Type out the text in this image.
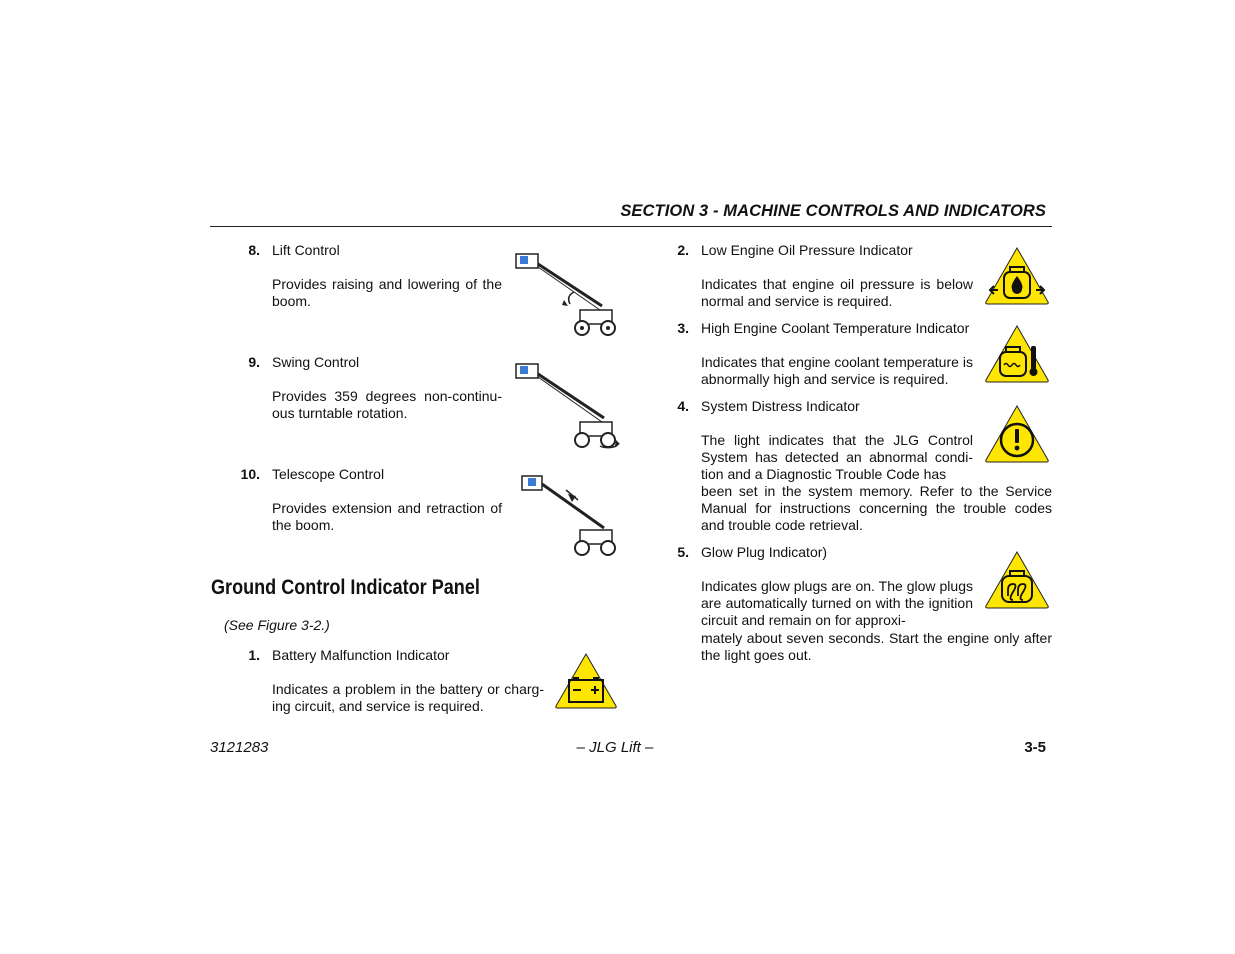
SECTION 3 - MACHINE CONTROLS AND INDICATORS
8. Lift Control
Provides raising and lowering of the boom.
9. Swing Control
Provides 359 degrees non-continu-ous turntable rotation.
10. Telescope Control
Provides extension and retraction of the boom.
Ground Control Indicator Panel
(See Figure 3-2.)
1. Battery Malfunction Indicator
Indicates a problem in the battery or charg-ing circuit, and service is required.
2. Low Engine Oil Pressure Indicator
Indicates that engine oil pressure is below normal and service is required.
3. High Engine Coolant Temperature Indicator
Indicates that engine coolant temperature is abnormally high and service is required.
4. System Distress Indicator
The light indicates that the JLG Control System has detected an abnormal condi-tion and a Diagnostic Trouble Code has
been set in the system memory. Refer to the Service Manual for instructions concerning the trouble codes and trouble code retrieval.
5. Glow Plug Indicator)
Indicates glow plugs are on. The glow plugs are automatically turned on with the ignition circuit and remain on for approxi-
mately about seven seconds. Start the engine only after the light goes out.
3121283	– JLG Lift –	3-5
